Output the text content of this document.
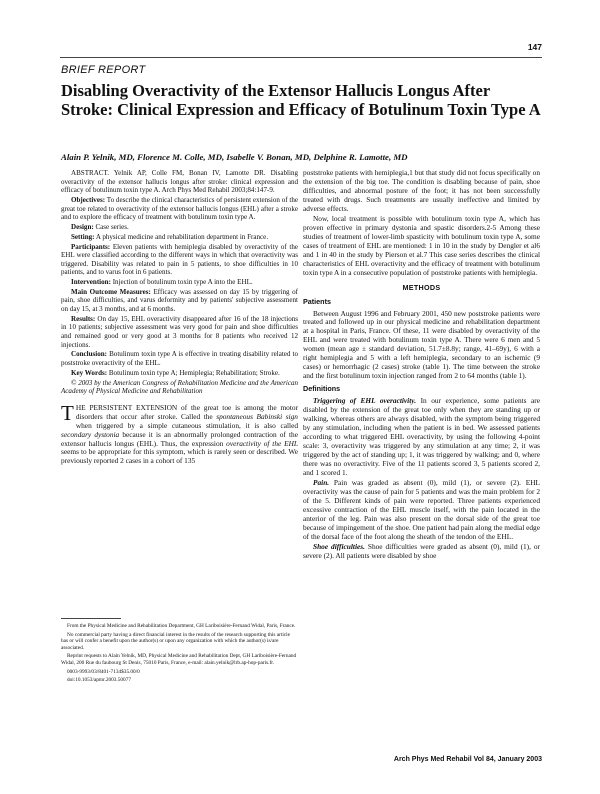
147
BRIEF REPORT
Disabling Overactivity of the Extensor Hallucis Longus After Stroke: Clinical Expression and Efficacy of Botulinum Toxin Type A
Alain P. Yelnik, MD, Florence M. Colle, MD, Isabelle V. Bonan, MD, Delphine R. Lamotte, MD

ABSTRACT. Yelnik AP, Colle FM, Bonan IV, Lamotte DR. Disabling overactivity of the extensor hallucis longus after stroke: clinical expression and efficacy of botulinum toxin type A. Arch Phys Med Rehabil 2003;84:147-9.

Objectives: To describe the clinical characteristics of persistent extension of the great toe related to overactivity of the extensor hallucis longus (EHL) after a stroke and to explore the efficacy of treatment with botulinum toxin type A.

Design: Case series.

Setting: A physical medicine and rehabilitation department in France.

Participants: Eleven patients with hemiplegia disabled by overactivity of the EHL were classified according to the different ways in which that overactivity was triggered. Disability was related to pain in 5 patients, to shoe difficulties in 10 patients, and to varus foot in 6 patients.

Intervention: Injection of botulinum toxin type A into the EHL.

Main Outcome Measures: Efficacy was assessed on day 15 by triggering of pain, shoe difficulties, and varus deformity and by patients' subjective assessment on day 15, at 3 months, and at 6 months.

Results: On day 15, EHL overactivity disappeared after 16 of the 18 injections in 10 patients; subjective assessment was very good for pain and shoe difficulties and remained good or very good at 3 months for 8 patients who received 12 injections.

Conclusion: Botulinum toxin type A is effective in treating disability related to poststroke overactivity of the EHL.

Key Words: Botulinum toxin type A; Hemiplegia; Rehabilitation; Stroke.

© 2003 by the American Congress of Rehabilitation Medicine and the American Academy of Physical Medicine and Rehabilitation

THE PERSISTENT EXTENSION of the great toe is among the motor disorders that occur after stroke. Called the spontaneous Babinski sign when triggered by a simple cutaneous stimulation, it is also called secondary dystonia because it is an abnormally prolonged contraction of the extensor hallucis longus (EHL). Thus, the expression overactivity of the EHL seems to be appropriate for this symptom, which is rarely seen or described. We previously reported 2 cases in a cohort of 135

From the Physical Medicine and Rehabilitation Department, GH Lariboisière-Fernand Widal, Paris, France.

No commercial party having a direct financial interest in the results of the research supporting this article has or will confer a benefit upon the author(s) or upon any organization with which the author(s) is/are associated.

Reprint requests to Alain Yelnik, MD, Physical Medicine and Rehabilitation Dept, GH Lariboisière-Fernand Widal, 200 Rue du faubourg St Denis, 75010 Paris, France, e-mail: alain.yelnik@lrb.ap-hop-paris.fr.

0003-9993/03/8401-7134$35.00/0

doi:10.1053/apmr.2003.50077

poststroke patients with hemiplegia,1 but that study did not focus specifically on the extension of the big toe. The condition is disabling because of pain, shoe difficulties, and abnormal posture of the foot; it has not been successfully treated with drugs. Such treatments are usually ineffective and limited by adverse effects.

Now, local treatment is possible with botulinum toxin type A, which has proven effective in primary dystonia and spastic disorders.2-5 Among these studies of treatment of lower-limb spasticity with botulinum toxin type A, some cases of treatment of EHL are mentioned: 1 in 10 in the study by Dengler et al6 and 1 in 40 in the study by Pierson et al.7 This case series describes the clinical characteristics of EHL overactivity and the efficacy of treatment with botulinum toxin type A in a consecutive population of poststroke patients with hemiplegia.

METHODS
Patients

Between August 1996 and February 2001, 450 new poststroke patients were treated and followed up in our physical medicine and rehabilitation department at a hospital in Paris, France. Of these, 11 were disabled by overactivity of the EHL and were treated with botulinum toxin type A. There were 6 men and 5 women (mean age ± standard deviation, 51.7±8.8y; range, 41–69y), 6 with a right hemiplegia and 5 with a left hemiplegia, secondary to an ischemic (9 cases) or hemorrhagic (2 cases) stroke (table 1). The time between the stroke and the first botulinum toxin injection ranged from 2 to 64 months (table 1).

Definitions

Triggering of EHL overactivity. In our experience, some patients are disabled by the extension of the great toe only when they are standing up or walking, whereas others are always disabled, with the symptom being triggered by any stimulation, including when the patient is in bed. We assessed patients according to what triggered EHL overactivity, by using the following 4-point scale: 3, overactivity was triggered by any stimulation at any time; 2, it was triggered by the act of standing up; 1, it was triggered by walking; and 0, where there was no overactivity. Five of the 11 patients scored 3, 5 patients scored 2, and 1 scored 1.

Pain. Pain was graded as absent (0), mild (1), or severe (2). EHL overactivity was the cause of pain for 5 patients and was the main problem for 2 of the 5. Different kinds of pain were reported. Three patients experienced excessive contraction of the EHL muscle itself, with the pain located in the anterior of the leg. Pain was also present on the dorsal side of the great toe because of impingement of the shoe. One patient had pain along the medial edge of the dorsal face of the foot along the sheath of the tendon of the EHL.

Shoe difficulties. Shoe difficulties were graded as absent (0), mild (1), or severe (2). All patients were disabled by shoe

Arch Phys Med Rehabil Vol 84, January 2003
